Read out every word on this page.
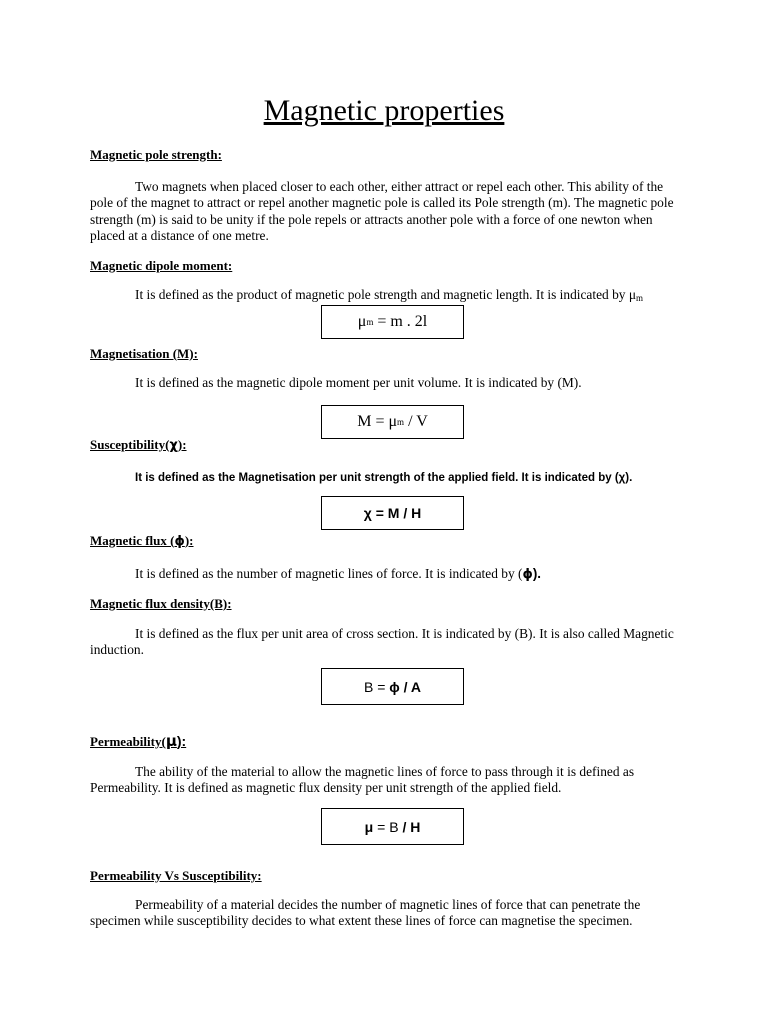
Magnetic properties
Magnetic pole strength:

Two magnets when placed closer to each other, either attract or repel each other. This ability of the pole of the magnet to attract or repel another magnetic pole is called its Pole strength (m). The magnetic pole strength (m) is said to be unity if the pole repels or attracts another pole with a force of one newton when placed at a distance of one metre.

Magnetic dipole moment:

It is defined as the product of magnetic pole strength and magnetic length. It is indicated by $\mu_m$

μ m = m . 2l
Magnetisation (M):

It is defined as the magnetic dipole moment per unit volume. It is indicated by (M).

M = μ m / V
Susceptibility(χ):

It is defined as the Magnetisation per unit strength of the applied field. It is indicated by (χ).

χ = M / H
Magnetic flux (ɸ):

It is defined as the number of magnetic lines of force. It is indicated by (ɸ).

Magnetic flux density(B):

It is defined as the flux per unit area of cross section. It is indicated by (B). It is also called Magnetic induction.

B = ɸ / A
Permeability(μ):

The ability of the material to allow the magnetic lines of force to pass through it is defined as Permeability. It is defined as magnetic flux density per unit strength of the applied field.

μ = B / H
Permeability Vs Susceptibility:

Permeability of a material decides the number of magnetic lines of force that can penetrate the specimen while susceptibility decides to what extent these lines of force can magnetise the specimen.
